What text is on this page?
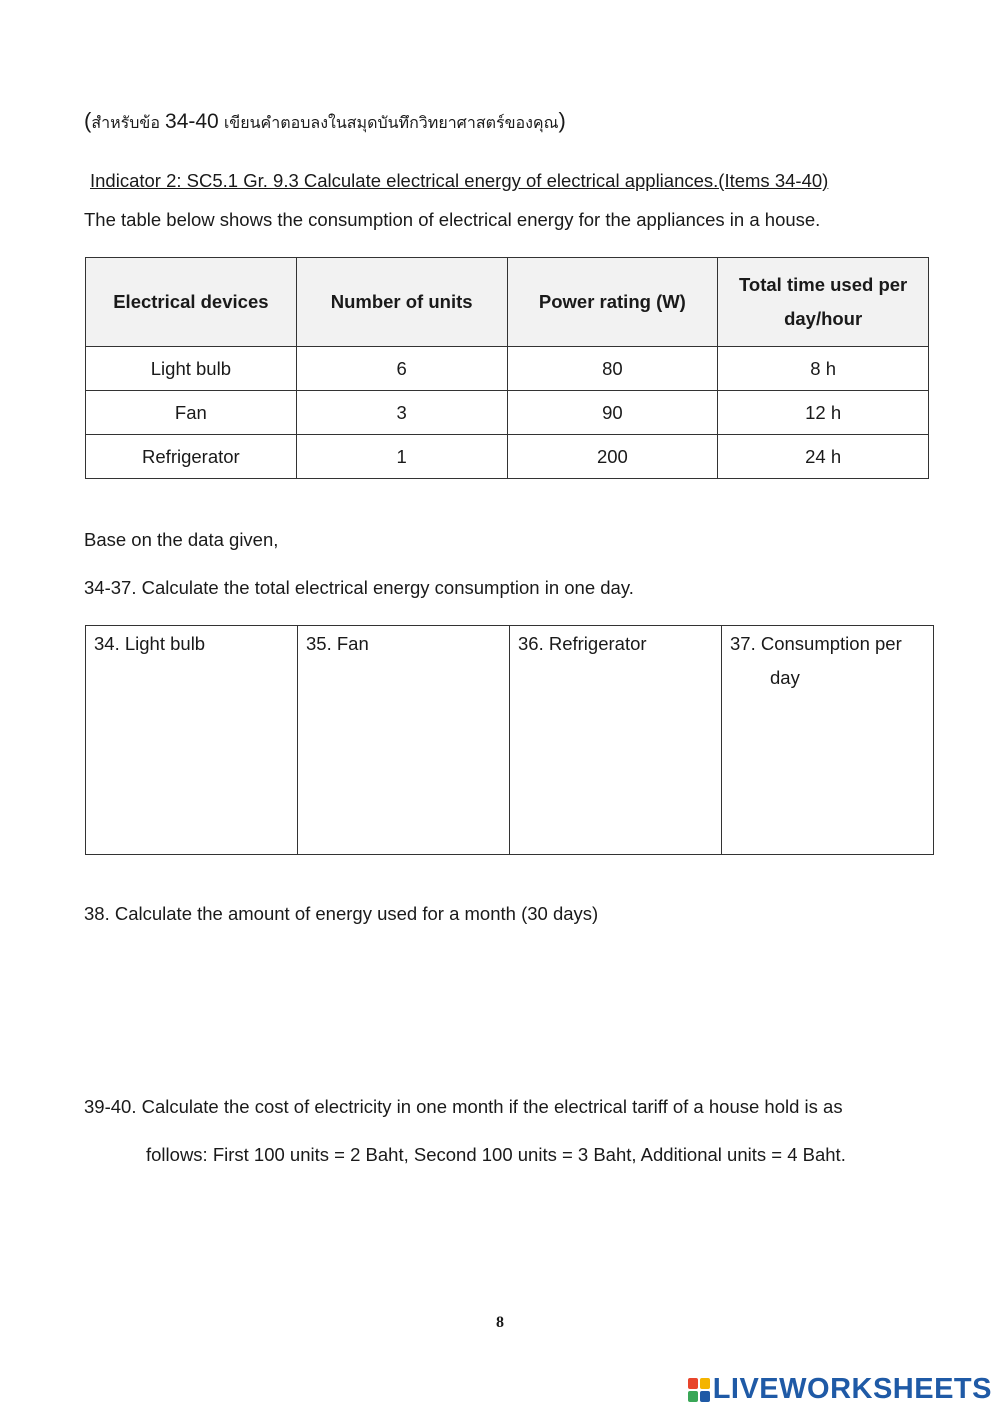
(สำหรับข้อ 34-40 เขียนคำตอบลงในสมุดบันทึกวิทยาศาสตร์ของคุณ)
Indicator 2: SC5.1 Gr. 9.3 Calculate electrical energy of electrical appliances.(Items 34-40)
The table below shows the consumption of electrical energy for the appliances in a house.
Electrical devices	Number of units	Power rating (W)	Total time used per day/hour
Light bulb	6	80	8 h
Fan	3	90	12 h
Refrigerator	1	200	24 h
Base on the data given,
34-37. Calculate the total electrical energy consumption in one day.
34. Light bulb	35. Fan	36. Refrigerator	37. Consumption per
day
38. Calculate the amount of energy used for a month (30 days)
39-40. Calculate the cost of electricity in one month if the electrical tariff of a house hold is as
follows: First 100 units = 2 Baht, Second 100 units = 3 Baht, Additional units = 4 Baht.
8
LIVEWORKSHEETS
